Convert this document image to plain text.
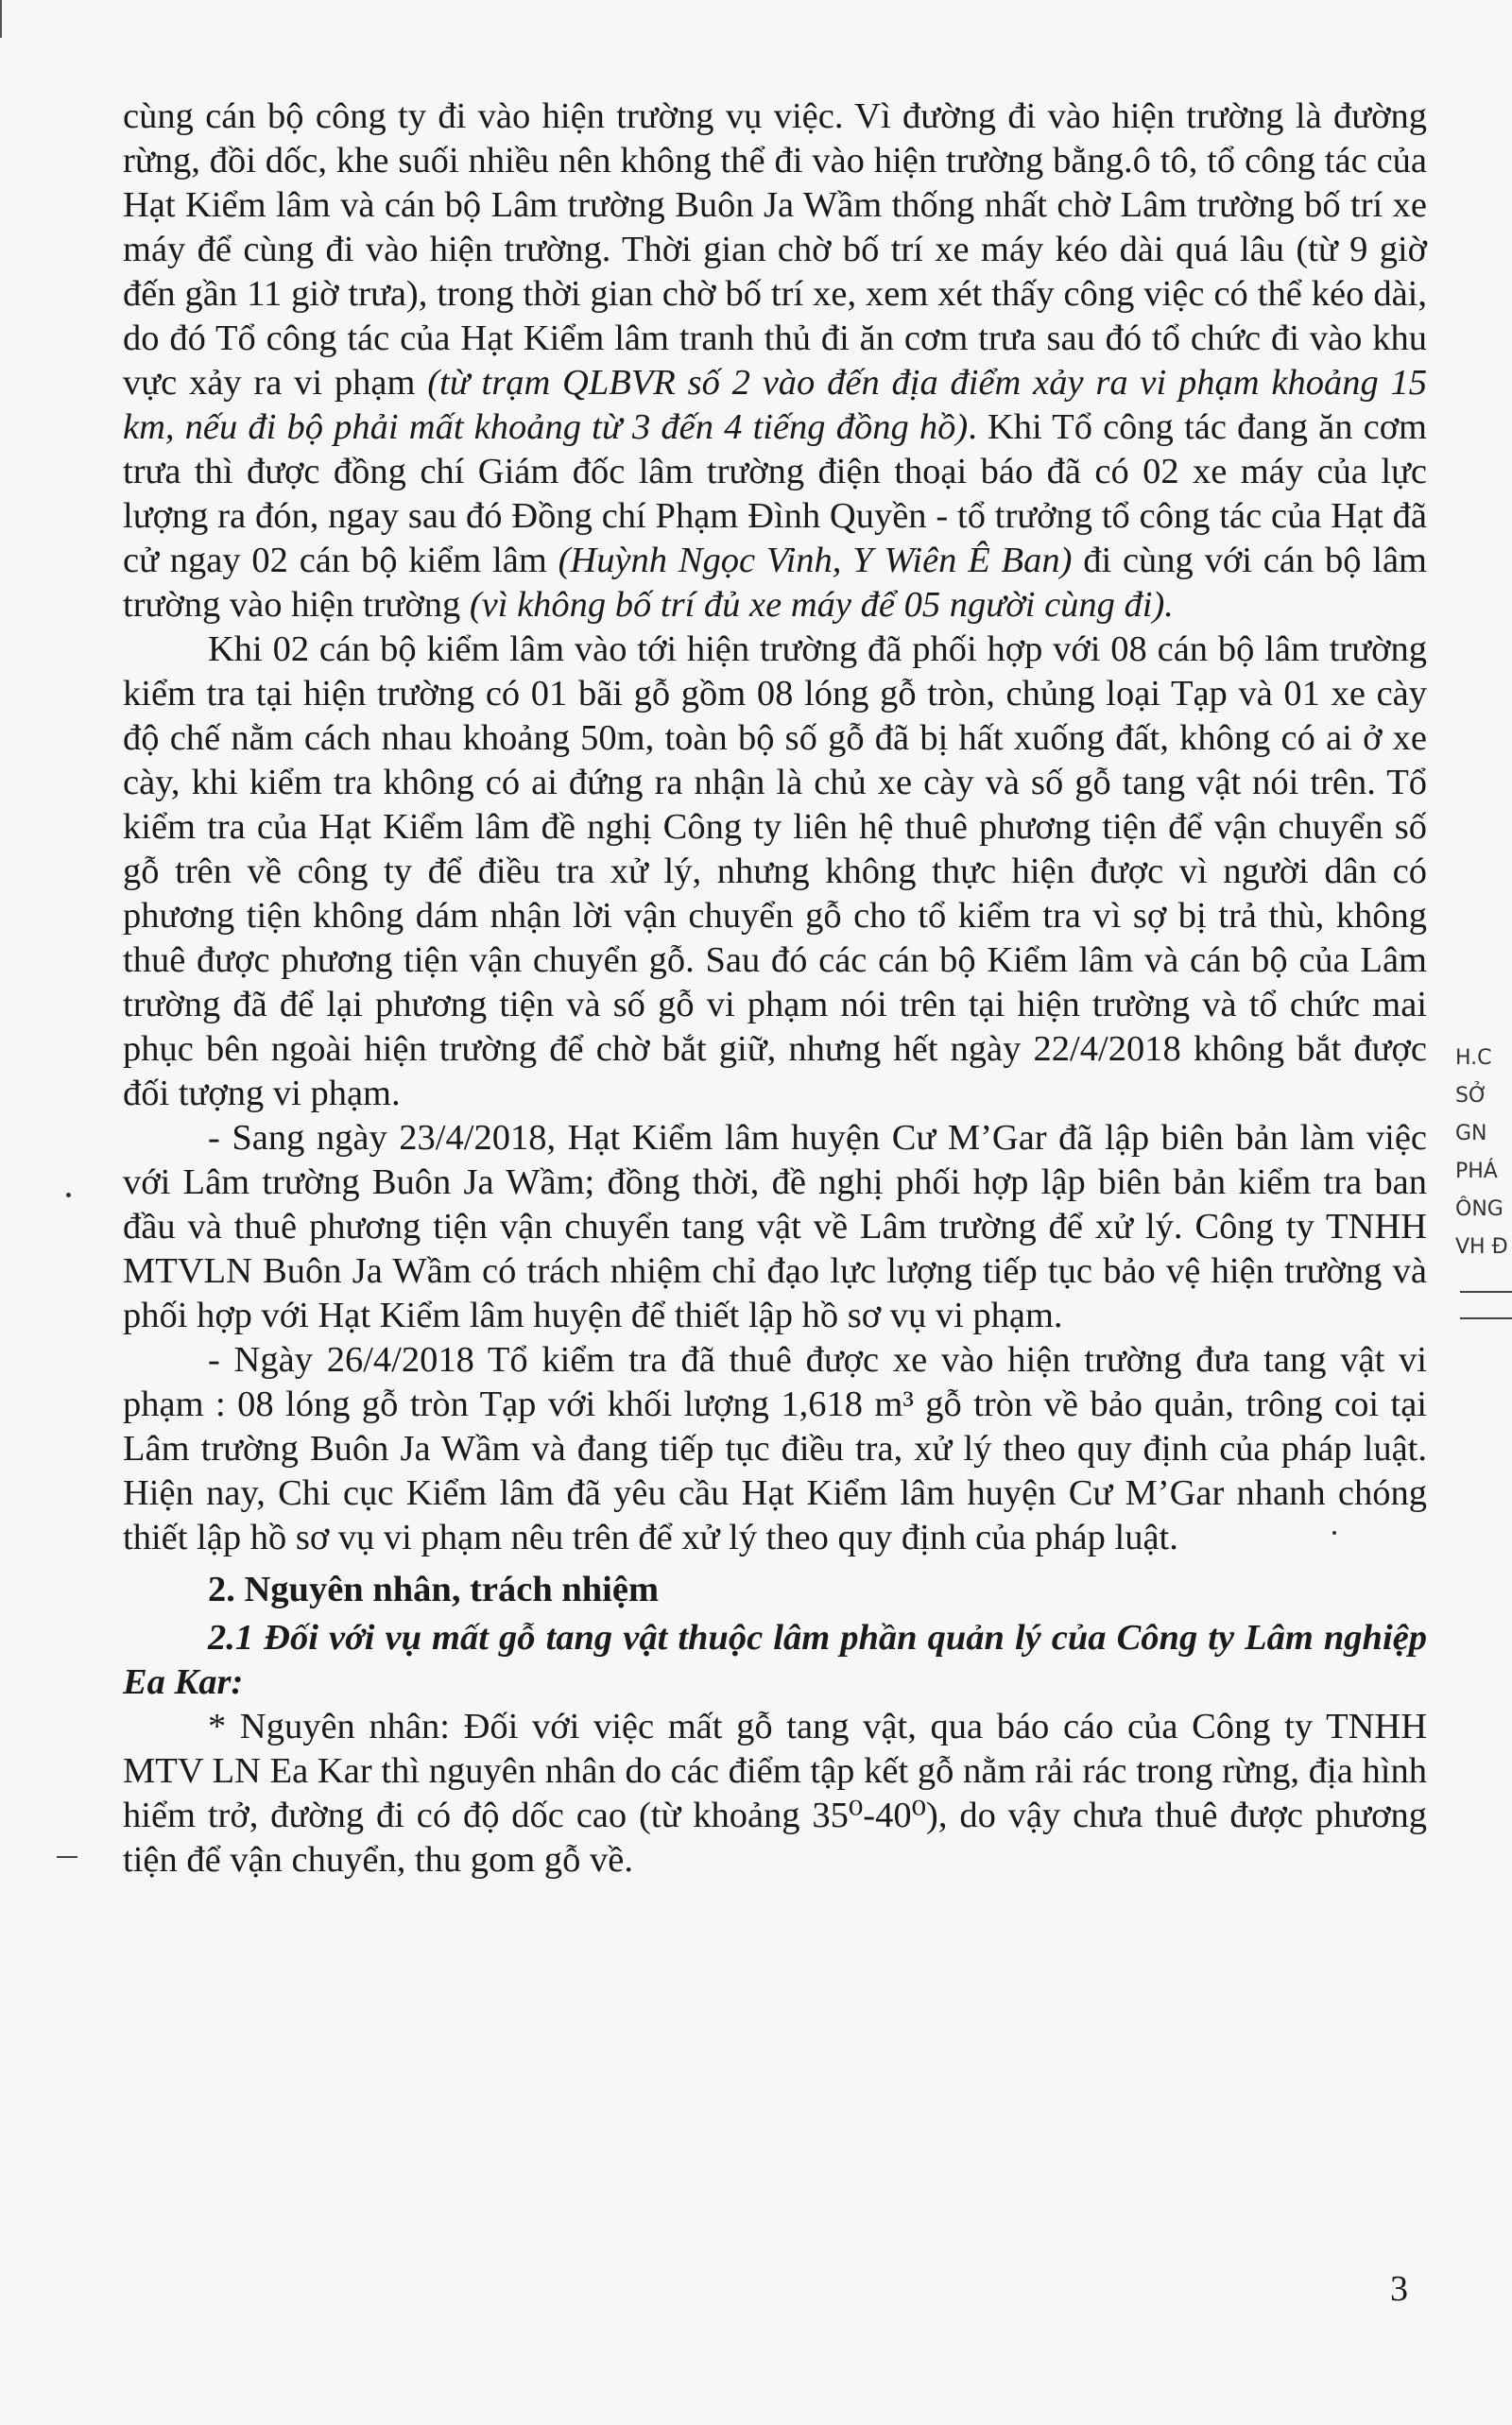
cùng cán bộ công ty đi vào hiện trường vụ việc. Vì đường đi vào hiện trường là đường rừng, đồi dốc, khe suối nhiều nên không thể đi vào hiện trường bằng.ô tô, tổ công tác của Hạt Kiểm lâm và cán bộ Lâm trường Buôn Ja Wầm thống nhất chờ Lâm trường bố trí xe máy để cùng đi vào hiện trường. Thời gian chờ bố trí xe máy kéo dài quá lâu (từ 9 giờ đến gần 11 giờ trưa), trong thời gian chờ bố trí xe, xem xét thấy công việc có thể kéo dài, do đó Tổ công tác của Hạt Kiểm lâm tranh thủ đi ăn cơm trưa sau đó tổ chức đi vào khu vực xảy ra vi phạm (từ trạm QLBVR số 2 vào đến địa điểm xảy ra vi phạm khoảng 15 km, nếu đi bộ phải mất khoảng từ 3 đến 4 tiếng đồng hồ). Khi Tổ công tác đang ăn cơm trưa thì được đồng chí Giám đốc lâm trường điện thoại báo đã có 02 xe máy của lực lượng ra đón, ngay sau đó Đồng chí Phạm Đình Quyền - tổ trưởng tổ công tác của Hạt đã cử ngay 02 cán bộ kiểm lâm (Huỳnh Ngọc Vinh, Y Wiên Ê Ban) đi cùng với cán bộ lâm trường vào hiện trường (vì không bố trí đủ xe máy để 05 người cùng đi).

Khi 02 cán bộ kiểm lâm vào tới hiện trường đã phối hợp với 08 cán bộ lâm trường kiểm tra tại hiện trường có 01 bãi gỗ gồm 08 lóng gỗ tròn, chủng loại Tạp và 01 xe cày độ chế nằm cách nhau khoảng 50m, toàn bộ số gỗ đã bị hất xuống đất, không có ai ở xe cày, khi kiểm tra không có ai đứng ra nhận là chủ xe cày và số gỗ tang vật nói trên. Tổ kiểm tra của Hạt Kiểm lâm đề nghị Công ty liên hệ thuê phương tiện để vận chuyển số gỗ trên về công ty để điều tra xử lý, nhưng không thực hiện được vì người dân có phương tiện không dám nhận lời vận chuyển gỗ cho tổ kiểm tra vì sợ bị trả thù, không thuê được phương tiện vận chuyển gỗ. Sau đó các cán bộ Kiểm lâm và cán bộ của Lâm trường đã để lại phương tiện và số gỗ vi phạm nói trên tại hiện trường và tổ chức mai phục bên ngoài hiện trường để chờ bắt giữ, nhưng hết ngày 22/4/2018 không bắt được đối tượng vi phạm.

- Sang ngày 23/4/2018, Hạt Kiểm lâm huyện Cư M’Gar đã lập biên bản làm việc với Lâm trường Buôn Ja Wầm; đồng thời, đề nghị phối hợp lập biên bản kiểm tra ban đầu và thuê phương tiện vận chuyển tang vật về Lâm trường để xử lý. Công ty TNHH MTVLN Buôn Ja Wầm có trách nhiệm chỉ đạo lực lượng tiếp tục bảo vệ hiện trường và phối hợp với Hạt Kiểm lâm huyện để thiết lập hồ sơ vụ vi phạm.

- Ngày 26/4/2018 Tổ kiểm tra đã thuê được xe vào hiện trường đưa tang vật vi phạm : 08 lóng gỗ tròn Tạp với khối lượng 1,618 m³ gỗ tròn về bảo quản, trông coi tại Lâm trường Buôn Ja Wầm và đang tiếp tục điều tra, xử lý theo quy định của pháp luật. Hiện nay, Chi cục Kiểm lâm đã yêu cầu Hạt Kiểm lâm huyện Cư M’Gar nhanh chóng thiết lập hồ sơ vụ vi phạm nêu trên để xử lý theo quy định của pháp luật.

2. Nguyên nhân, trách nhiệm

2.1 Đối với vụ mất gỗ tang vật thuộc lâm phần quản lý của Công ty Lâm nghiệp Ea Kar:

* Nguyên nhân: Đối với việc mất gỗ tang vật, qua báo cáo của Công ty TNHH MTV LN Ea Kar thì nguyên nhân do các điểm tập kết gỗ nằm rải rác trong rừng, địa hình hiểm trở, đường đi có độ dốc cao (từ khoảng 35⁰-40⁰), do vậy chưa thuê được phương tiện để vận chuyển, thu gom gỗ về.

3
H.C
SỞ
GN
PHÁ
ÔNG
VH Đ
